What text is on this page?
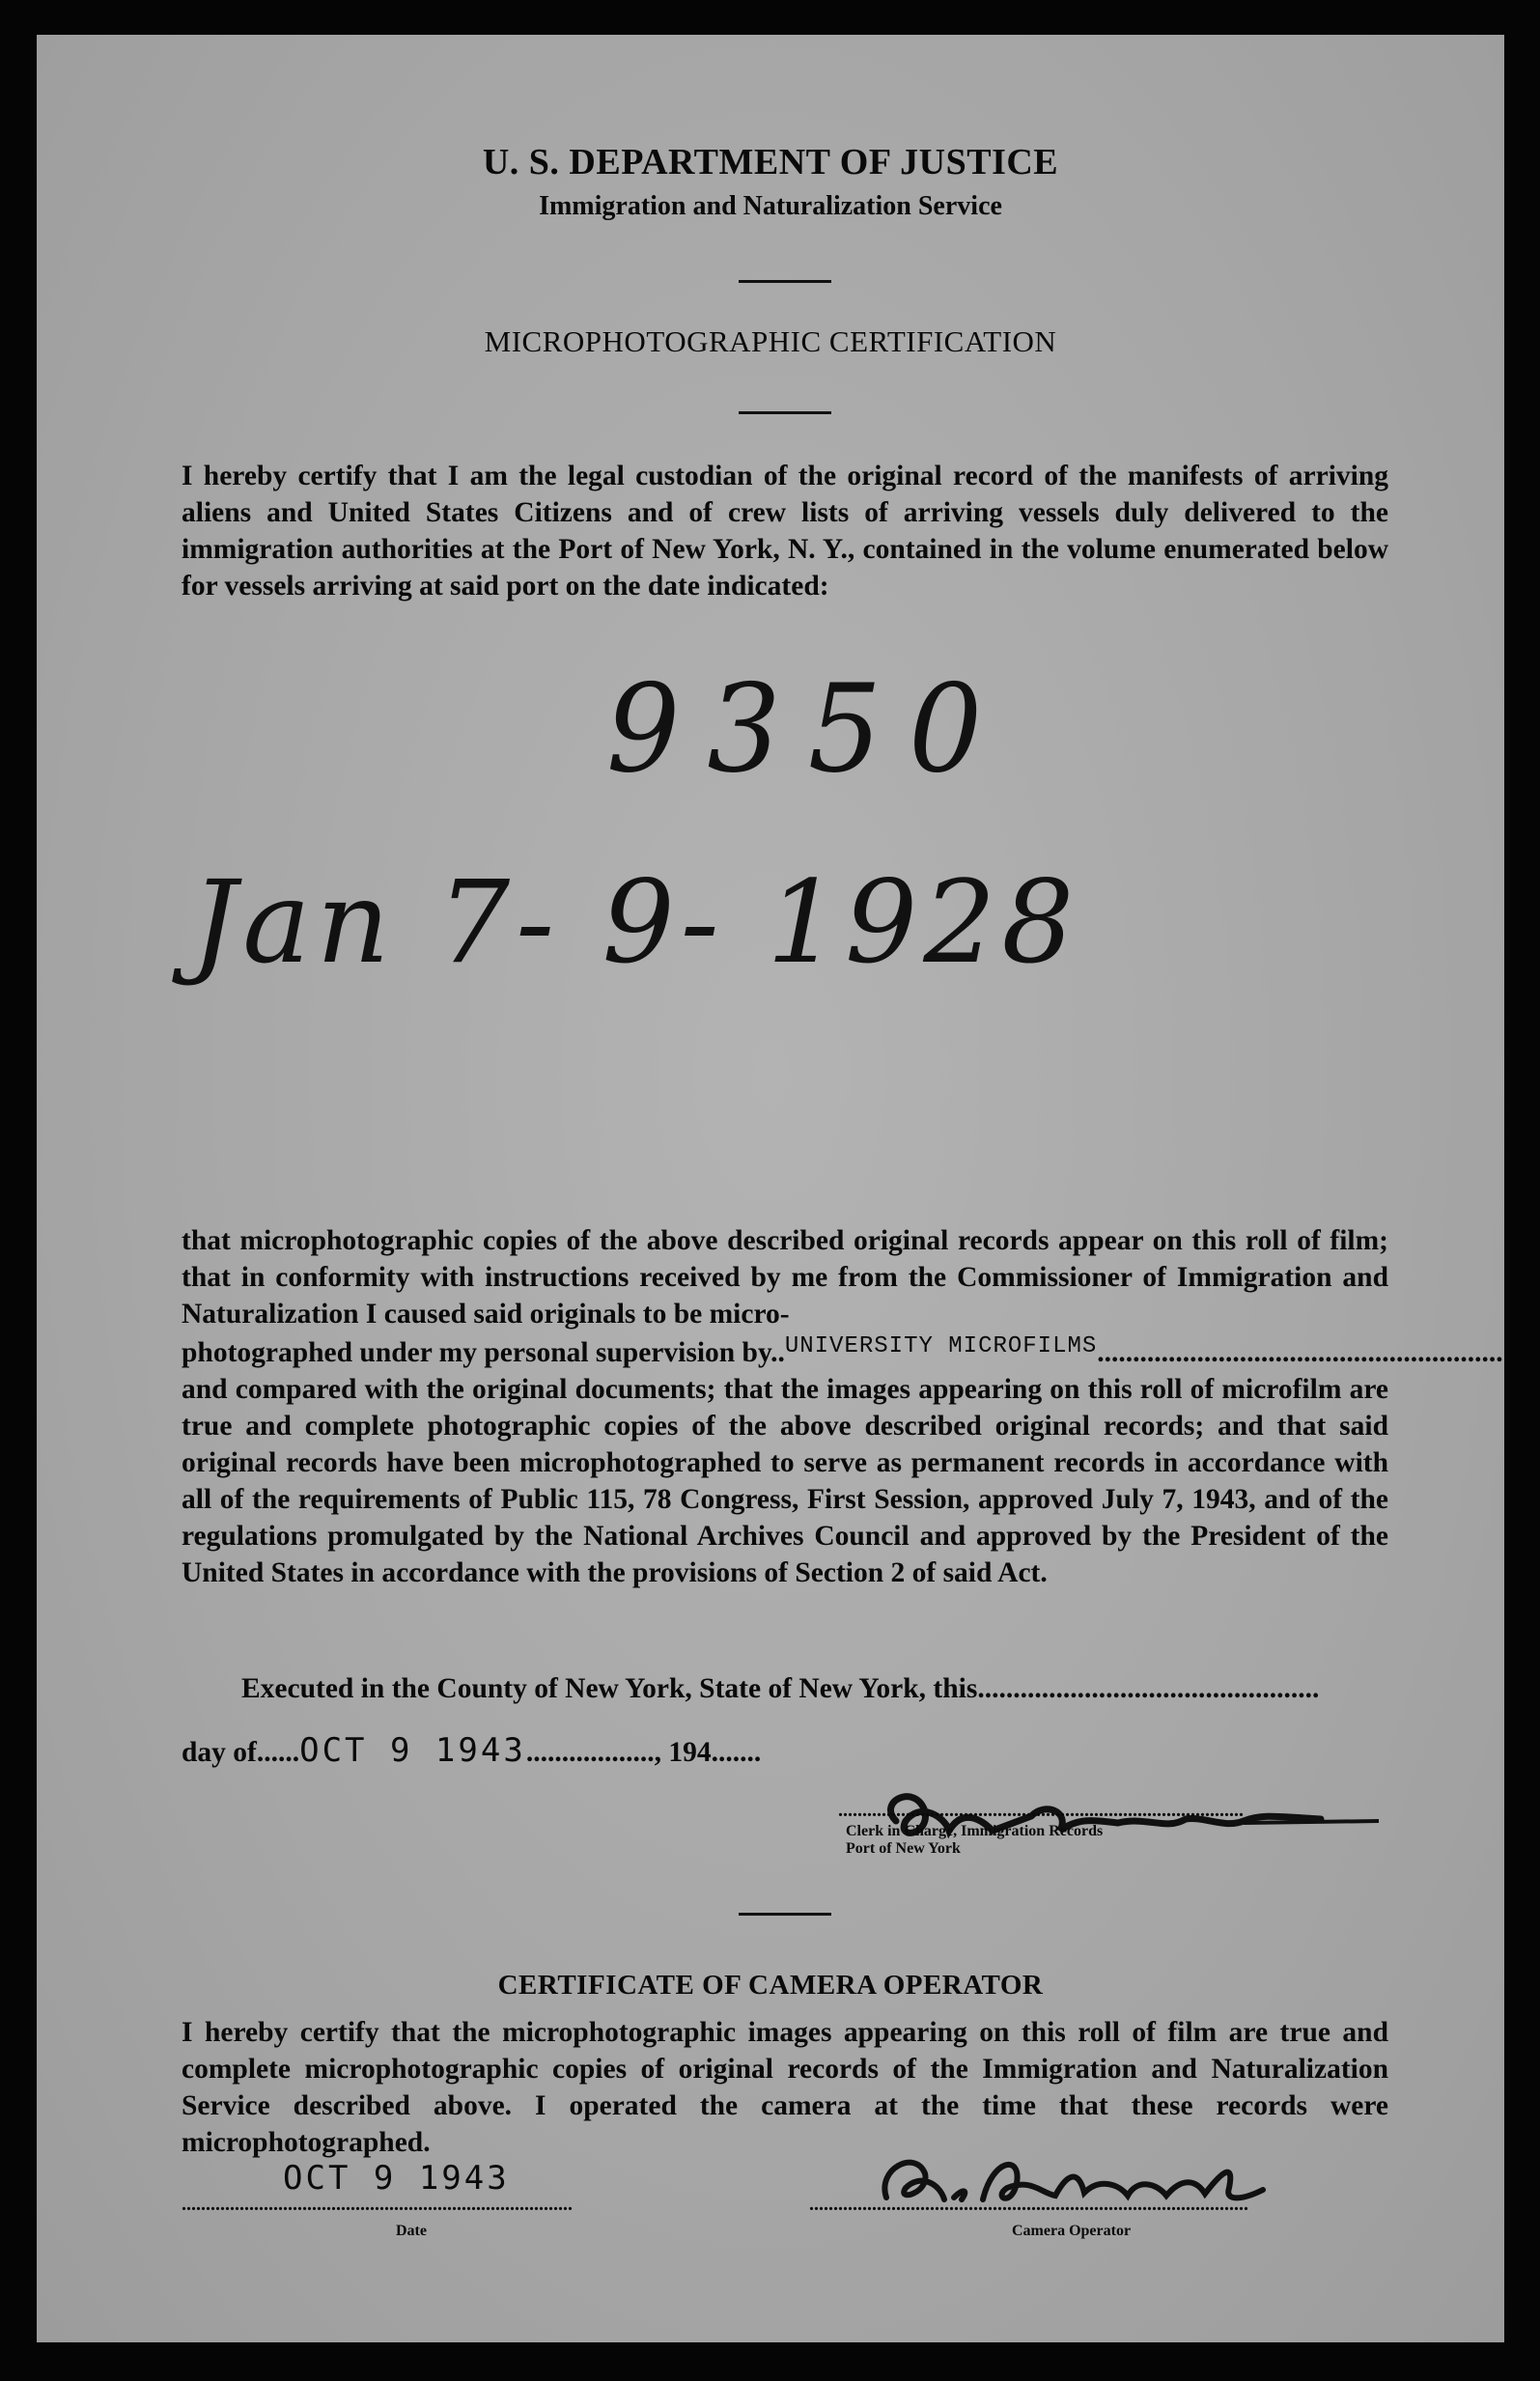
U. S. DEPARTMENT OF JUSTICE
Immigration and Naturalization Service
MICROPHOTOGRAPHIC CERTIFICATION
I hereby certify that I am the legal custodian of the original record of the manifests of arriving aliens and United States Citizens and of crew lists of arriving vessels duly delivered to the immigration authorities at the Port of New York, N. Y., contained in the volume enumerated below for vessels arriving at said port on the date indicated:
9350
Jan 7- 9- 1928
that microphotographic copies of the above described original records appear on this roll of film; that in conformity with instructions received by me from the Commissioner of Immigration and Naturalization I caused said originals to be micro-
photographed under my personal supervision by..$^{UNIVERSITY MICROFILMS}$.........................................................
and compared with the original documents; that the images appearing on this roll of microfilm are true and complete photographic copies of the above described original records; and that said original records have been microphotographed to serve as permanent records in accordance with all of the requirements of Public 115, 78 Congress, First Session, approved July 7, 1943, and of the regulations promulgated by the National Archives Council and approved by the President of the United States in accordance with the provisions of Section 2 of said Act.
Executed in the County of New York, State of New York, this................................................
day of......OCT 9 1943.................., 194.......
....................................................................................
Clerk in Charge, Immigration Records
Port of New York
CERTIFICATE OF CAMERA OPERATOR
I hereby certify that the microphotographic images appearing on this roll of film are true and complete microphotographic copies of original records of the Immigration and Naturalization Service described above. I operated the camera at the time that these records were microphotographed.
OCT 9 1943
.................................................................................
Date
...........................................................................................
Camera Operator
